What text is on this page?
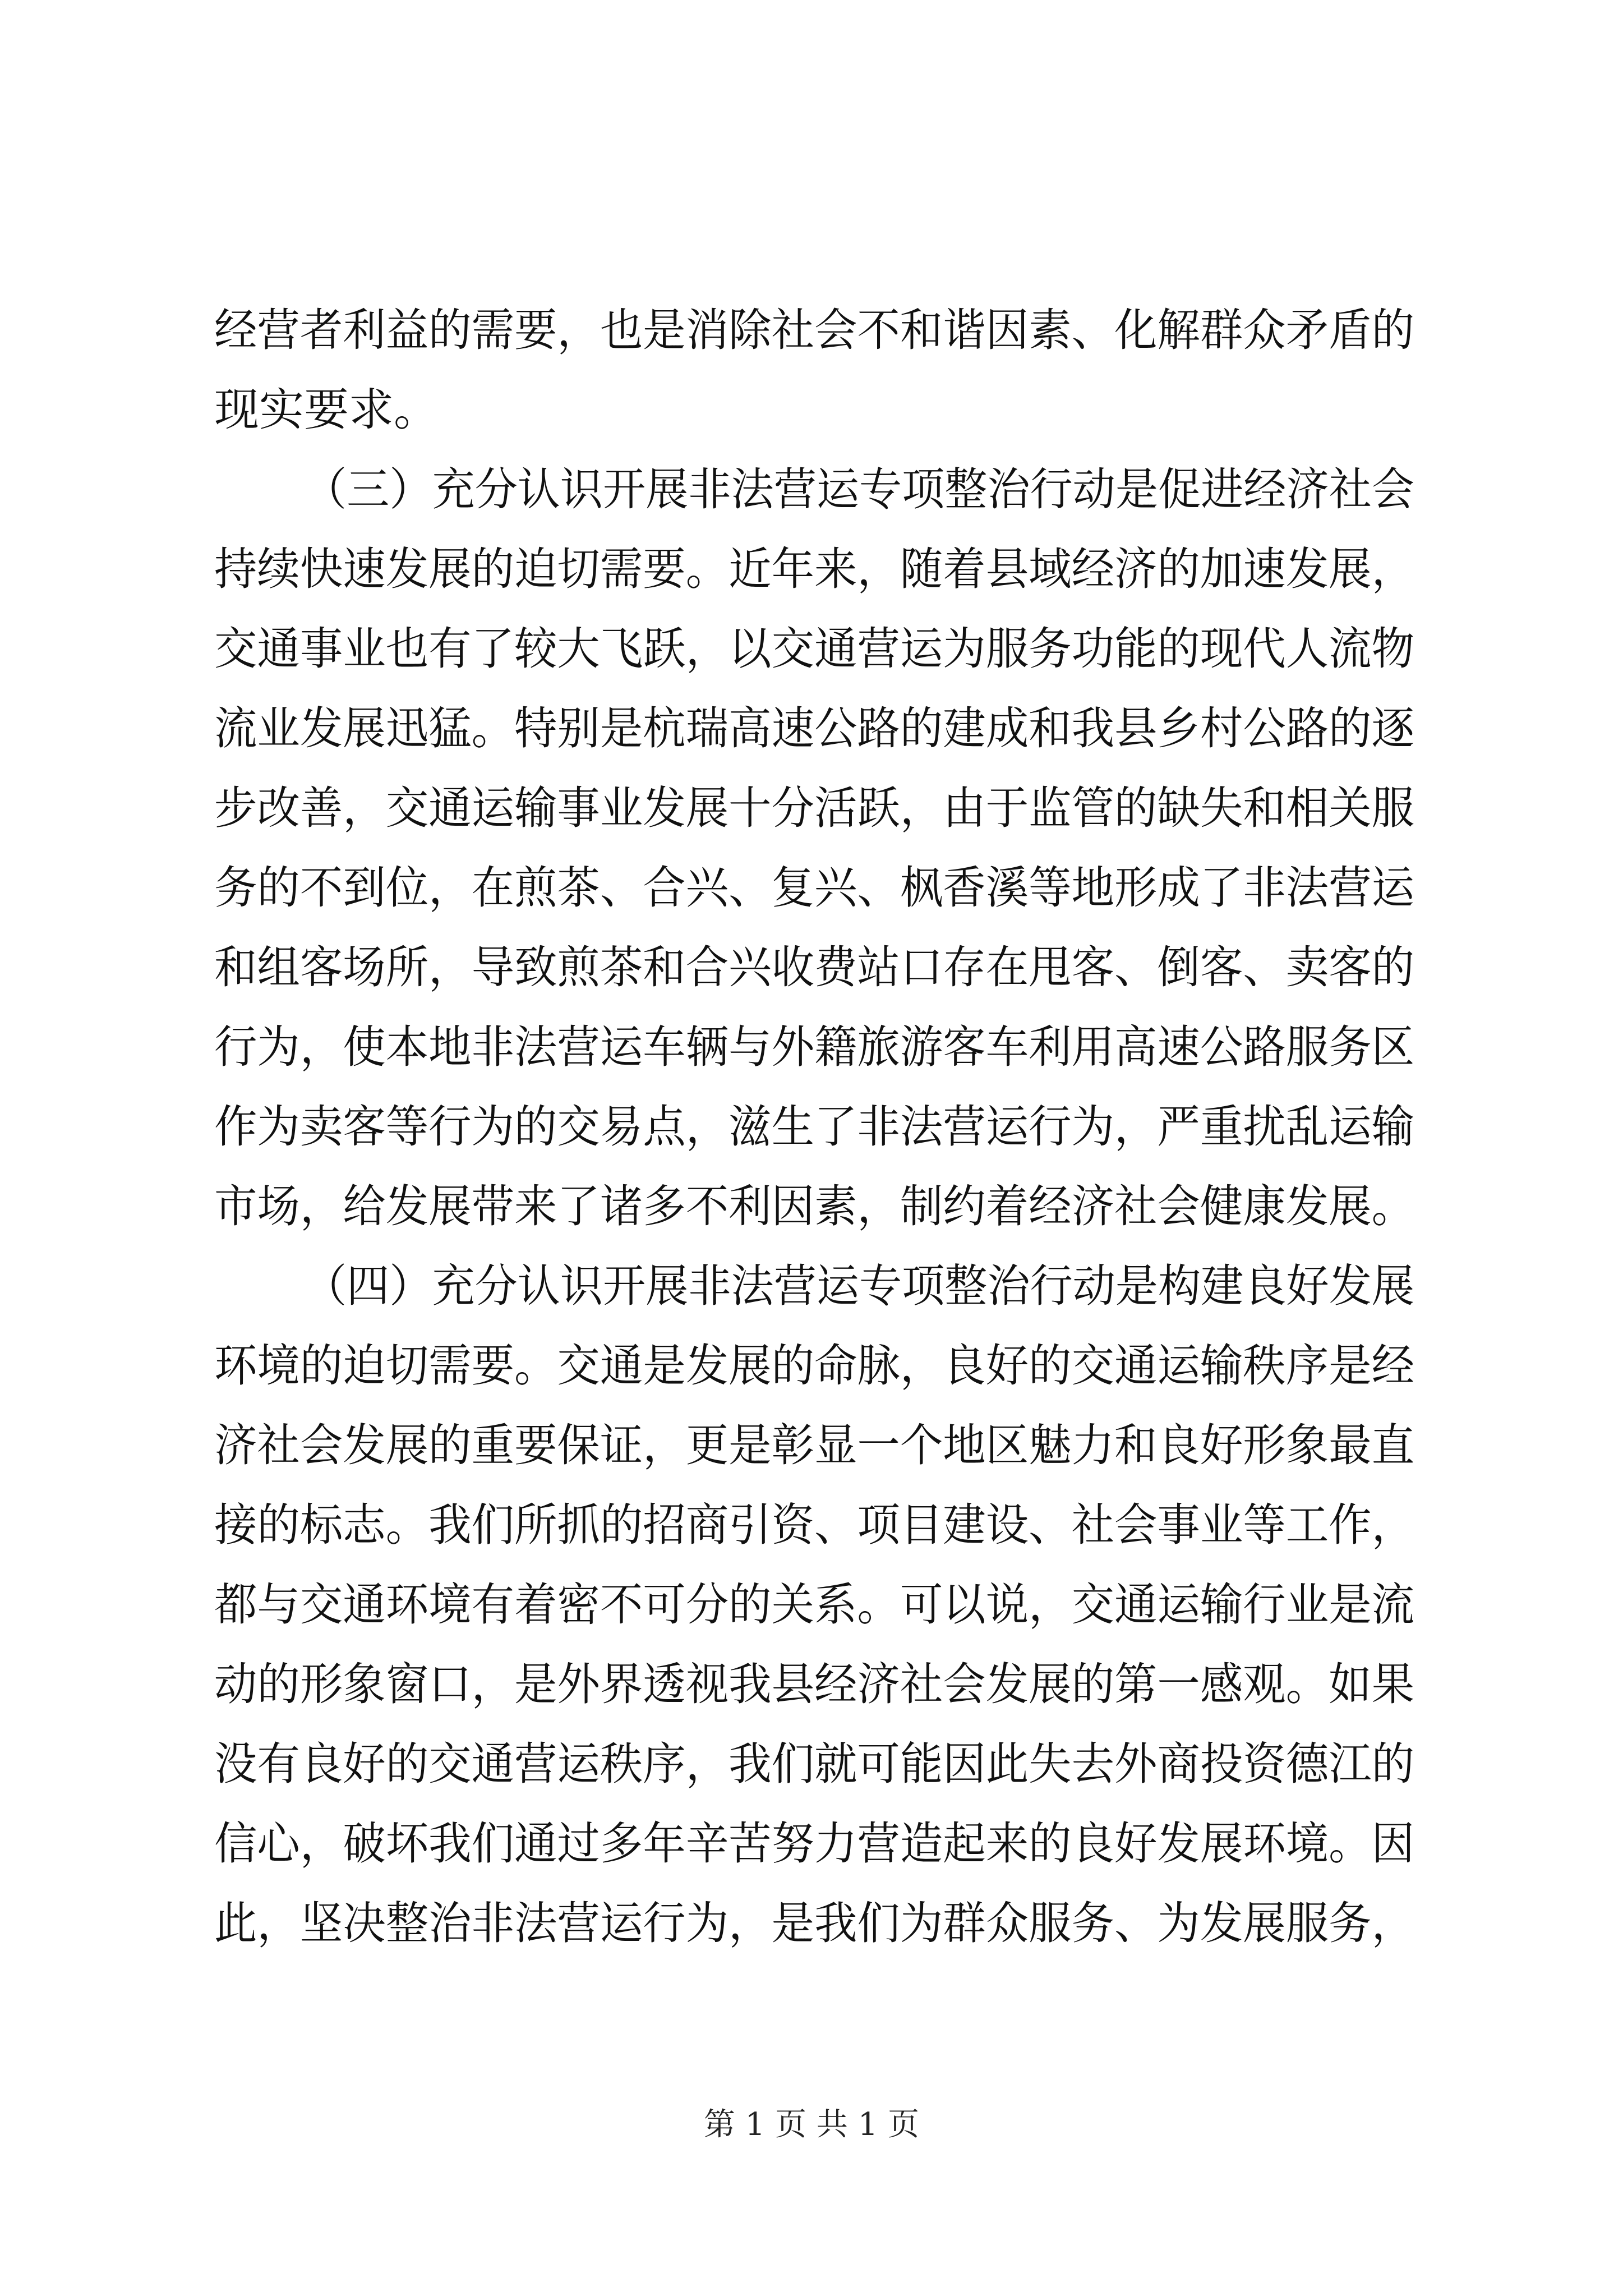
经营者利益的需要，也是消除社会不和谐因素、化解群众矛盾的
现实要求。
（三）充分认识开展非法营运专项整治行动是促进经济社会
持续快速发展的迫切需要。近年来，随着县域经济的加速发展，
交通事业也有了较大飞跃，以交通营运为服务功能的现代人流物
流业发展迅猛。特别是杭瑞高速公路的建成和我县乡村公路的逐
步改善，交通运输事业发展十分活跃，由于监管的缺失和相关服
务的不到位，在煎茶、合兴、复兴、枫香溪等地形成了非法营运
和组客场所，导致煎茶和合兴收费站口存在甩客、倒客、卖客的
行为，使本地非法营运车辆与外籍旅游客车利用高速公路服务区
作为卖客等行为的交易点，滋生了非法营运行为，严重扰乱运输
市场，给发展带来了诸多不利因素，制约着经济社会健康发展。
（四）充分认识开展非法营运专项整治行动是构建良好发展
环境的迫切需要。交通是发展的命脉，良好的交通运输秩序是经
济社会发展的重要保证，更是彰显一个地区魅力和良好形象最直
接的标志。我们所抓的招商引资、项目建设、社会事业等工作，
都与交通环境有着密不可分的关系。可以说，交通运输行业是流
动的形象窗口，是外界透视我县经济社会发展的第一感观。如果
没有良好的交通营运秩序，我们就可能因此失去外商投资德江的
信心，破坏我们通过多年辛苦努力营造起来的良好发展环境。因
此，坚决整治非法营运行为，是我们为群众服务、为发展服务，
第 1 页 共 1 页
